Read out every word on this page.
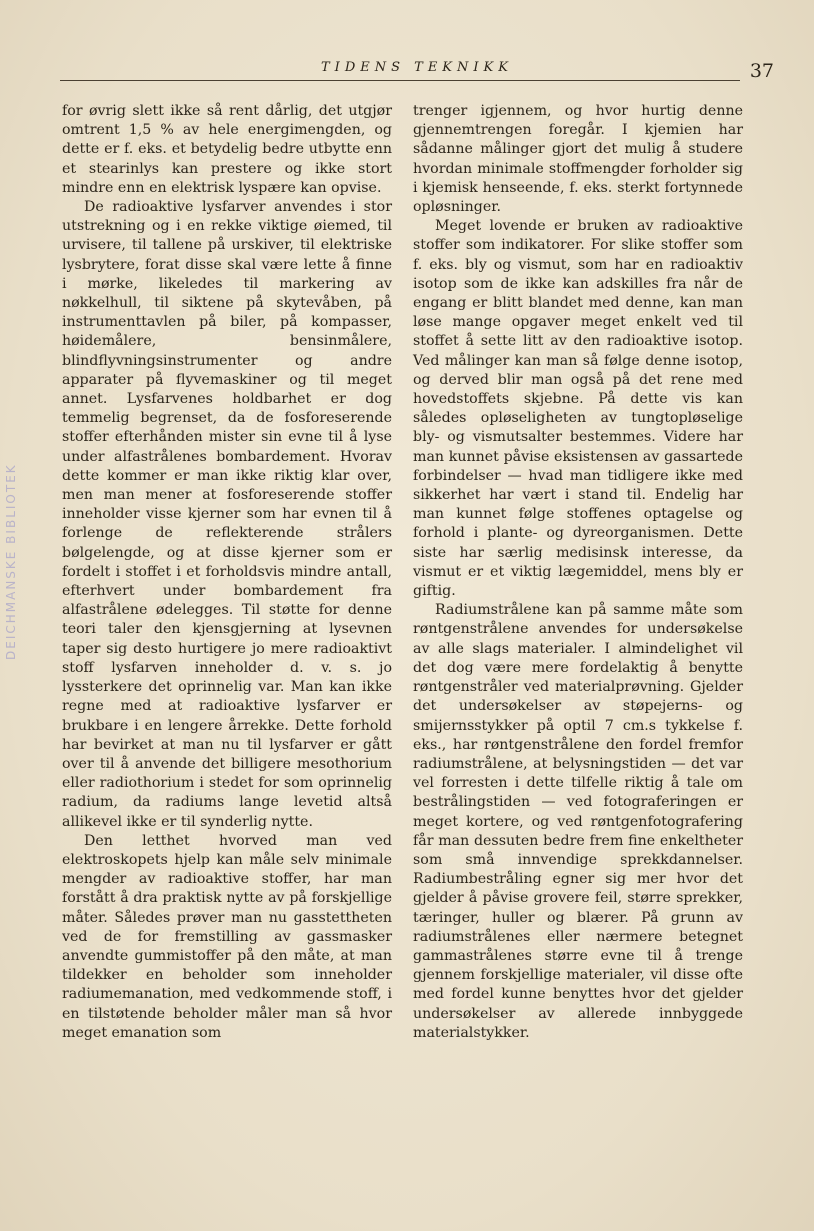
TIDENS TEKNIKK	37
DEICHMANSKE BIBLIOTEK

for øvrig slett ikke så rent dårlig, det utgjør omtrent 1,5 % av hele energimengden, og dette er f. eks. et betydelig bedre utbytte enn et stearinlys kan prestere og ikke stort mindre enn en elektrisk lyspære kan opvise.

De radioaktive lysfarver anvendes i stor utstrekning og i en rekke viktige øiemed, til urvisere, til tallene på urskiver, til elektriske lysbrytere, forat disse skal være lette å finne i mørke, likeledes til markering av nøkkelhull, til siktene på skytevåben, på instrumenttavlen på biler, på kompasser, høidemålere, bensinmålere, blindflyvningsinstrumenter og andre apparater på flyvemaskiner og til meget annet. Lysfarvenes holdbarhet er dog temmelig begrenset, da de fosforeserende stoffer efterhånden mister sin evne til å lyse under alfastrålenes bombardement. Hvorav dette kommer er man ikke riktig klar over, men man mener at fosforeserende stoffer inneholder visse kjerner som har evnen til å forlenge de reflekterende strålers bølgelengde, og at disse kjerner som er fordelt i stoffet i et forholdsvis mindre antall, efterhvert under bombardement fra alfastrålene ødelegges. Til støtte for denne teori taler den kjensgjerning at lysevnen taper sig desto hurtigere jo mere radioaktivt stoff lysfarven inneholder d. v. s. jo lyssterkere det oprinnelig var. Man kan ikke regne med at radioaktive lysfarver er brukbare i en lengere årrekke. Dette forhold har bevirket at man nu til lysfarver er gått over til å anvende det billigere mesothorium eller radiothorium i stedet for som oprinnelig radium, da radiums lange levetid altså allikevel ikke er til synderlig nytte.

Den letthet hvorved man ved elektroskopets hjelp kan måle selv minimale mengder av radioaktive stoffer, har man forstått å dra praktisk nytte av på forskjellige måter. Således prøver man nu gasstettheten ved de for fremstilling av gassmasker anvendte gummistoffer på den måte, at man tildekker en beholder som inneholder radiumemanation, med vedkommende stoff, i en tilstøtende beholder måler man så hvor meget emanation som

trenger igjennem, og hvor hurtig denne gjennemtrengen foregår. I kjemien har sådanne målinger gjort det mulig å studere hvordan minimale stoffmengder forholder sig i kjemisk henseende, f. eks. sterkt fortynnede opløsninger.

Meget lovende er bruken av radioaktive stoffer som indikatorer. For slike stoffer som f. eks. bly og vismut, som har en radioaktiv isotop som de ikke kan adskilles fra når de engang er blitt blandet med denne, kan man løse mange opgaver meget enkelt ved til stoffet å sette litt av den radioaktive isotop. Ved målinger kan man så følge denne isotop, og derved blir man også på det rene med hovedstoffets skjebne. På dette vis kan således opløseligheten av tungtopløselige bly- og vismutsalter bestemmes. Videre har man kunnet påvise eksistensen av gassartede forbindelser — hvad man tidligere ikke med sikkerhet har vært i stand til. Endelig har man kunnet følge stoffenes optagelse og forhold i plante- og dyreorganismen. Dette siste har særlig medisinsk interesse, da vismut er et viktig lægemiddel, mens bly er giftig.

Radiumstrålene kan på samme måte som røntgenstrålene anvendes for undersøkelse av alle slags materialer. I almindelighet vil det dog være mere fordelaktig å benytte røntgenstråler ved materialprøvning. Gjelder det undersøkelser av støpejerns- og smijernsstykker på optil 7 cm.s tykkelse f. eks., har røntgenstrålene den fordel fremfor radiumstrålene, at belysningstiden — det var vel forresten i dette tilfelle riktig å tale om bestrålingstiden — ved fotograferingen er meget kortere, og ved røntgenfotografering får man dessuten bedre frem fine enkeltheter som små innvendige sprekkdannelser. Radiumbestråling egner sig mer hvor det gjelder å påvise grovere feil, større sprekker, tæringer, huller og blærer. På grunn av radiumstrålenes eller nærmere betegnet gammastrålenes større evne til å trenge gjennem forskjellige materialer, vil disse ofte med fordel kunne benyttes hvor det gjelder undersøkelser av allerede innbyggede materialstykker.
